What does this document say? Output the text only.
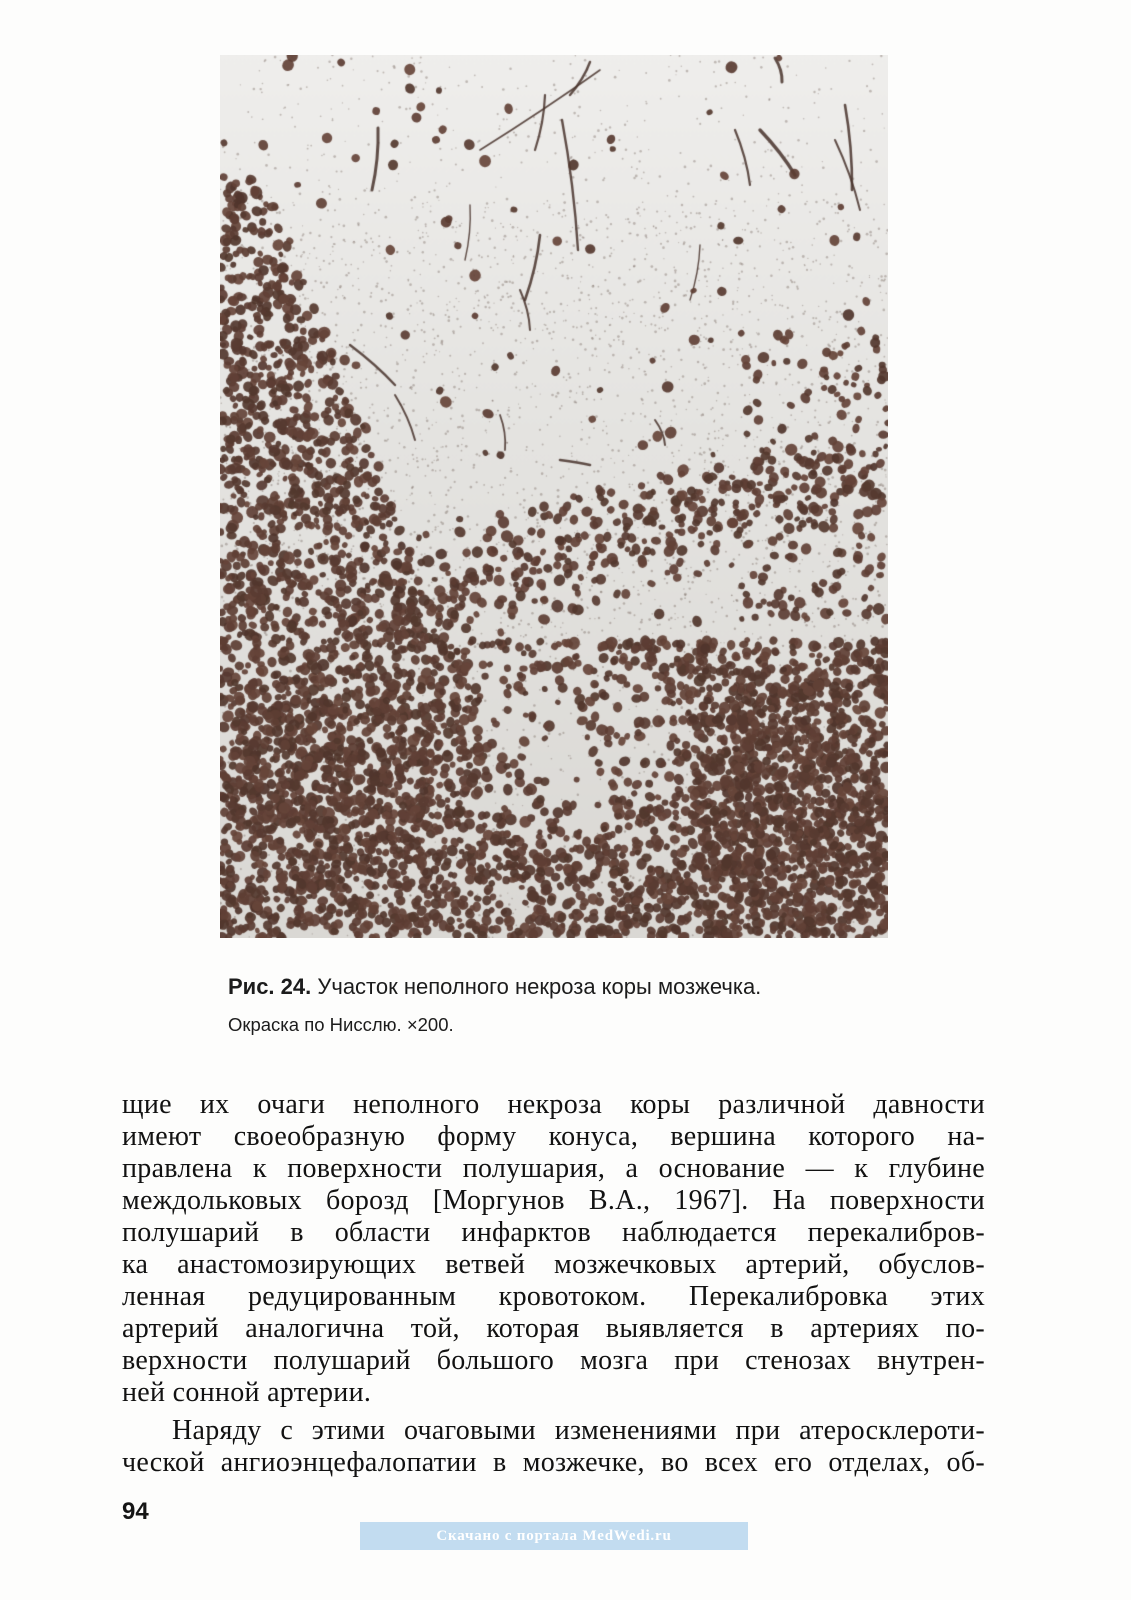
Рис. 24. Участок неполного некроза коры мозжечка.
Окраска по Нисслю. ×200.
щие их очаги неполного некроза коры различной давности
имеют своеобразную форму конуса, вершина которого на-
правлена к поверхности полушария, а основание — к глубине
междольковых борозд [Моргунов В.А., 1967]. На поверхности
полушарий в области инфарктов наблюдается перекалибров-
ка анастомозирующих ветвей мозжечковых артерий, обуслов-
ленная редуцированным кровотоком. Перекалибровка этих
артерий аналогична той, которая выявляется в артериях по-
верхности полушарий большого мозга при стенозах внутрен-
ней сонной артерии.
Наряду с этими очаговыми изменениями при атеросклероти-
ческой ангиоэнцефалопатии в мозжечке, во всех его отделах, об-
94
Скачано с портала MedWedi.ru
